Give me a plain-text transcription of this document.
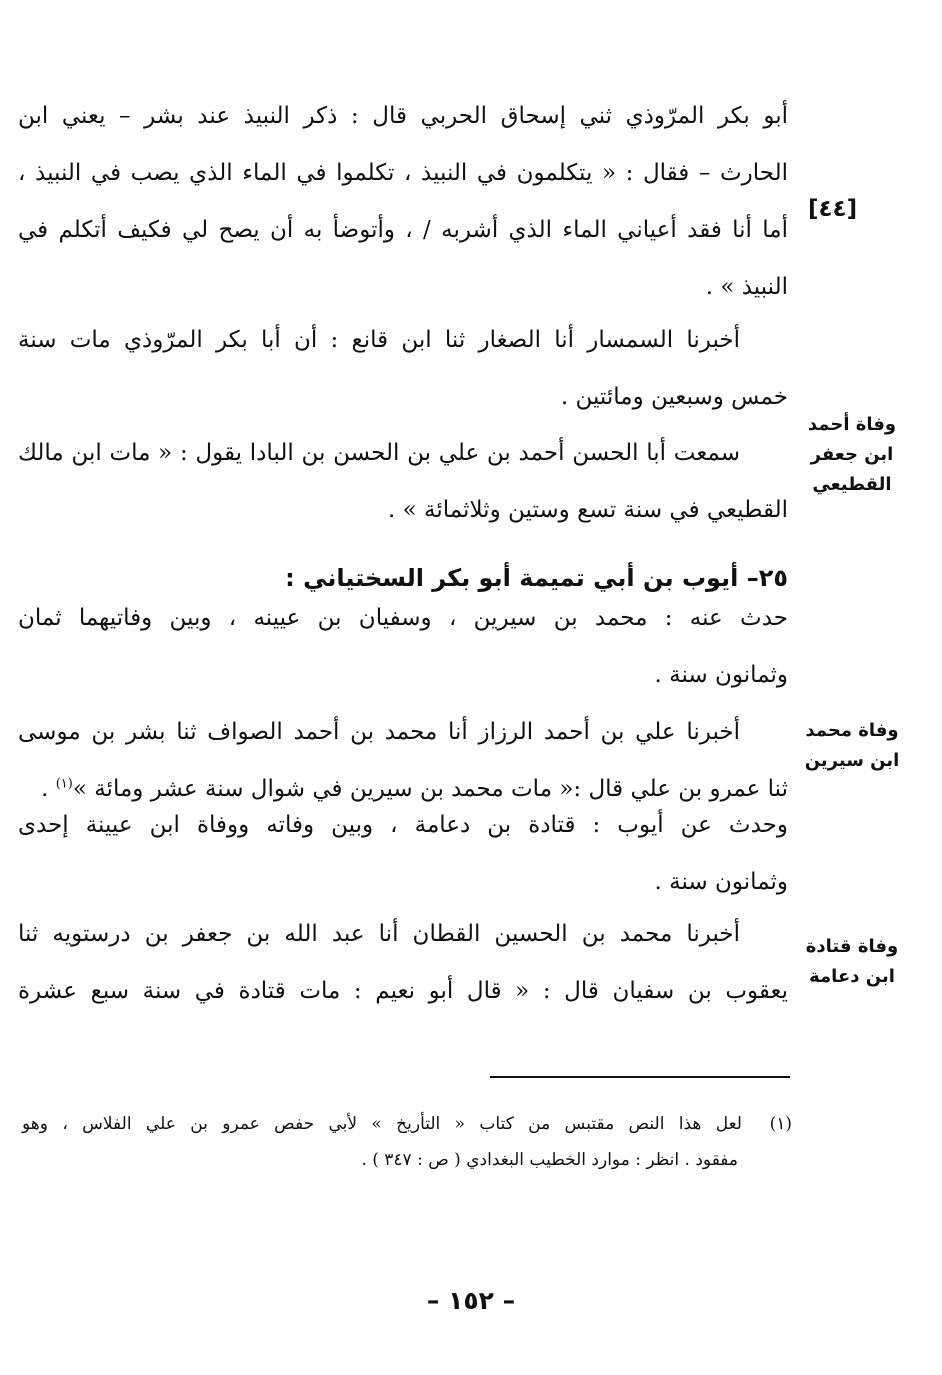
[٤٤]
أبو بكر المرّوذي ثني إسحاق الحربي قال : ذكر النبيذ عند بشر – يعني ابن
الحارث – فقال : « يتكلمون في النبيذ ، تكلموا في الماء الذي يصب في النبيذ ،
أما أنا فقد أعياني الماء الذي أشربه / ، وأتوضأ به أن يصح لي فكيف أتكلم في
النبيذ » .
أخبرنا السمسار أنا الصغار ثنا ابن قانع : أن أبا بكر المرّوذي مات سنة
خمس وسبعين ومائتين .
سمعت أبا الحسن أحمد بن علي بن الحسن بن البادا يقول : « مات ابن مالك
القطيعي في سنة تسع وستين وثلاثمائة » .
وفاة أحمد
ابن جعفر
القطيعي
٢٥– أيوب بن أبي تميمة أبو بكر السختياني :
حدث عنه : محمد بن سيرين ، وسفيان بن عيينه ، وبين وفاتيهما ثمان
وثمانون سنة .
أخبرنا علي بن أحمد الرزاز أنا محمد بن أحمد الصواف ثنا بشر بن موسى
ثنا عمرو بن علي قال :« مات محمد بن سيرين في شوال سنة عشر ومائة »$^{(١)}$ .
وفاة محمد
ابن سيرين
وحدث عن أيوب : قتادة بن دعامة ، وبين وفاته ووفاة ابن عيينة إحدى
وثمانون سنة .
أخبرنا محمد بن الحسين القطان أنا عبد الله بن جعفر بن درستويه ثنا
يعقوب بن سفيان قال : « قال أبو نعيم : مات قتادة في سنة سبع عشرة
وفاة قتادة
ابن دعامة
(١)لعل هذا النص مقتبس من كتاب « التأريخ » لأبي حفص عمرو بن علي الفلاس ، وهو
مفقود . انظر : موارد الخطيب البغدادي ( ص : ٣٤٧ ) .
– ١٥٢ –
